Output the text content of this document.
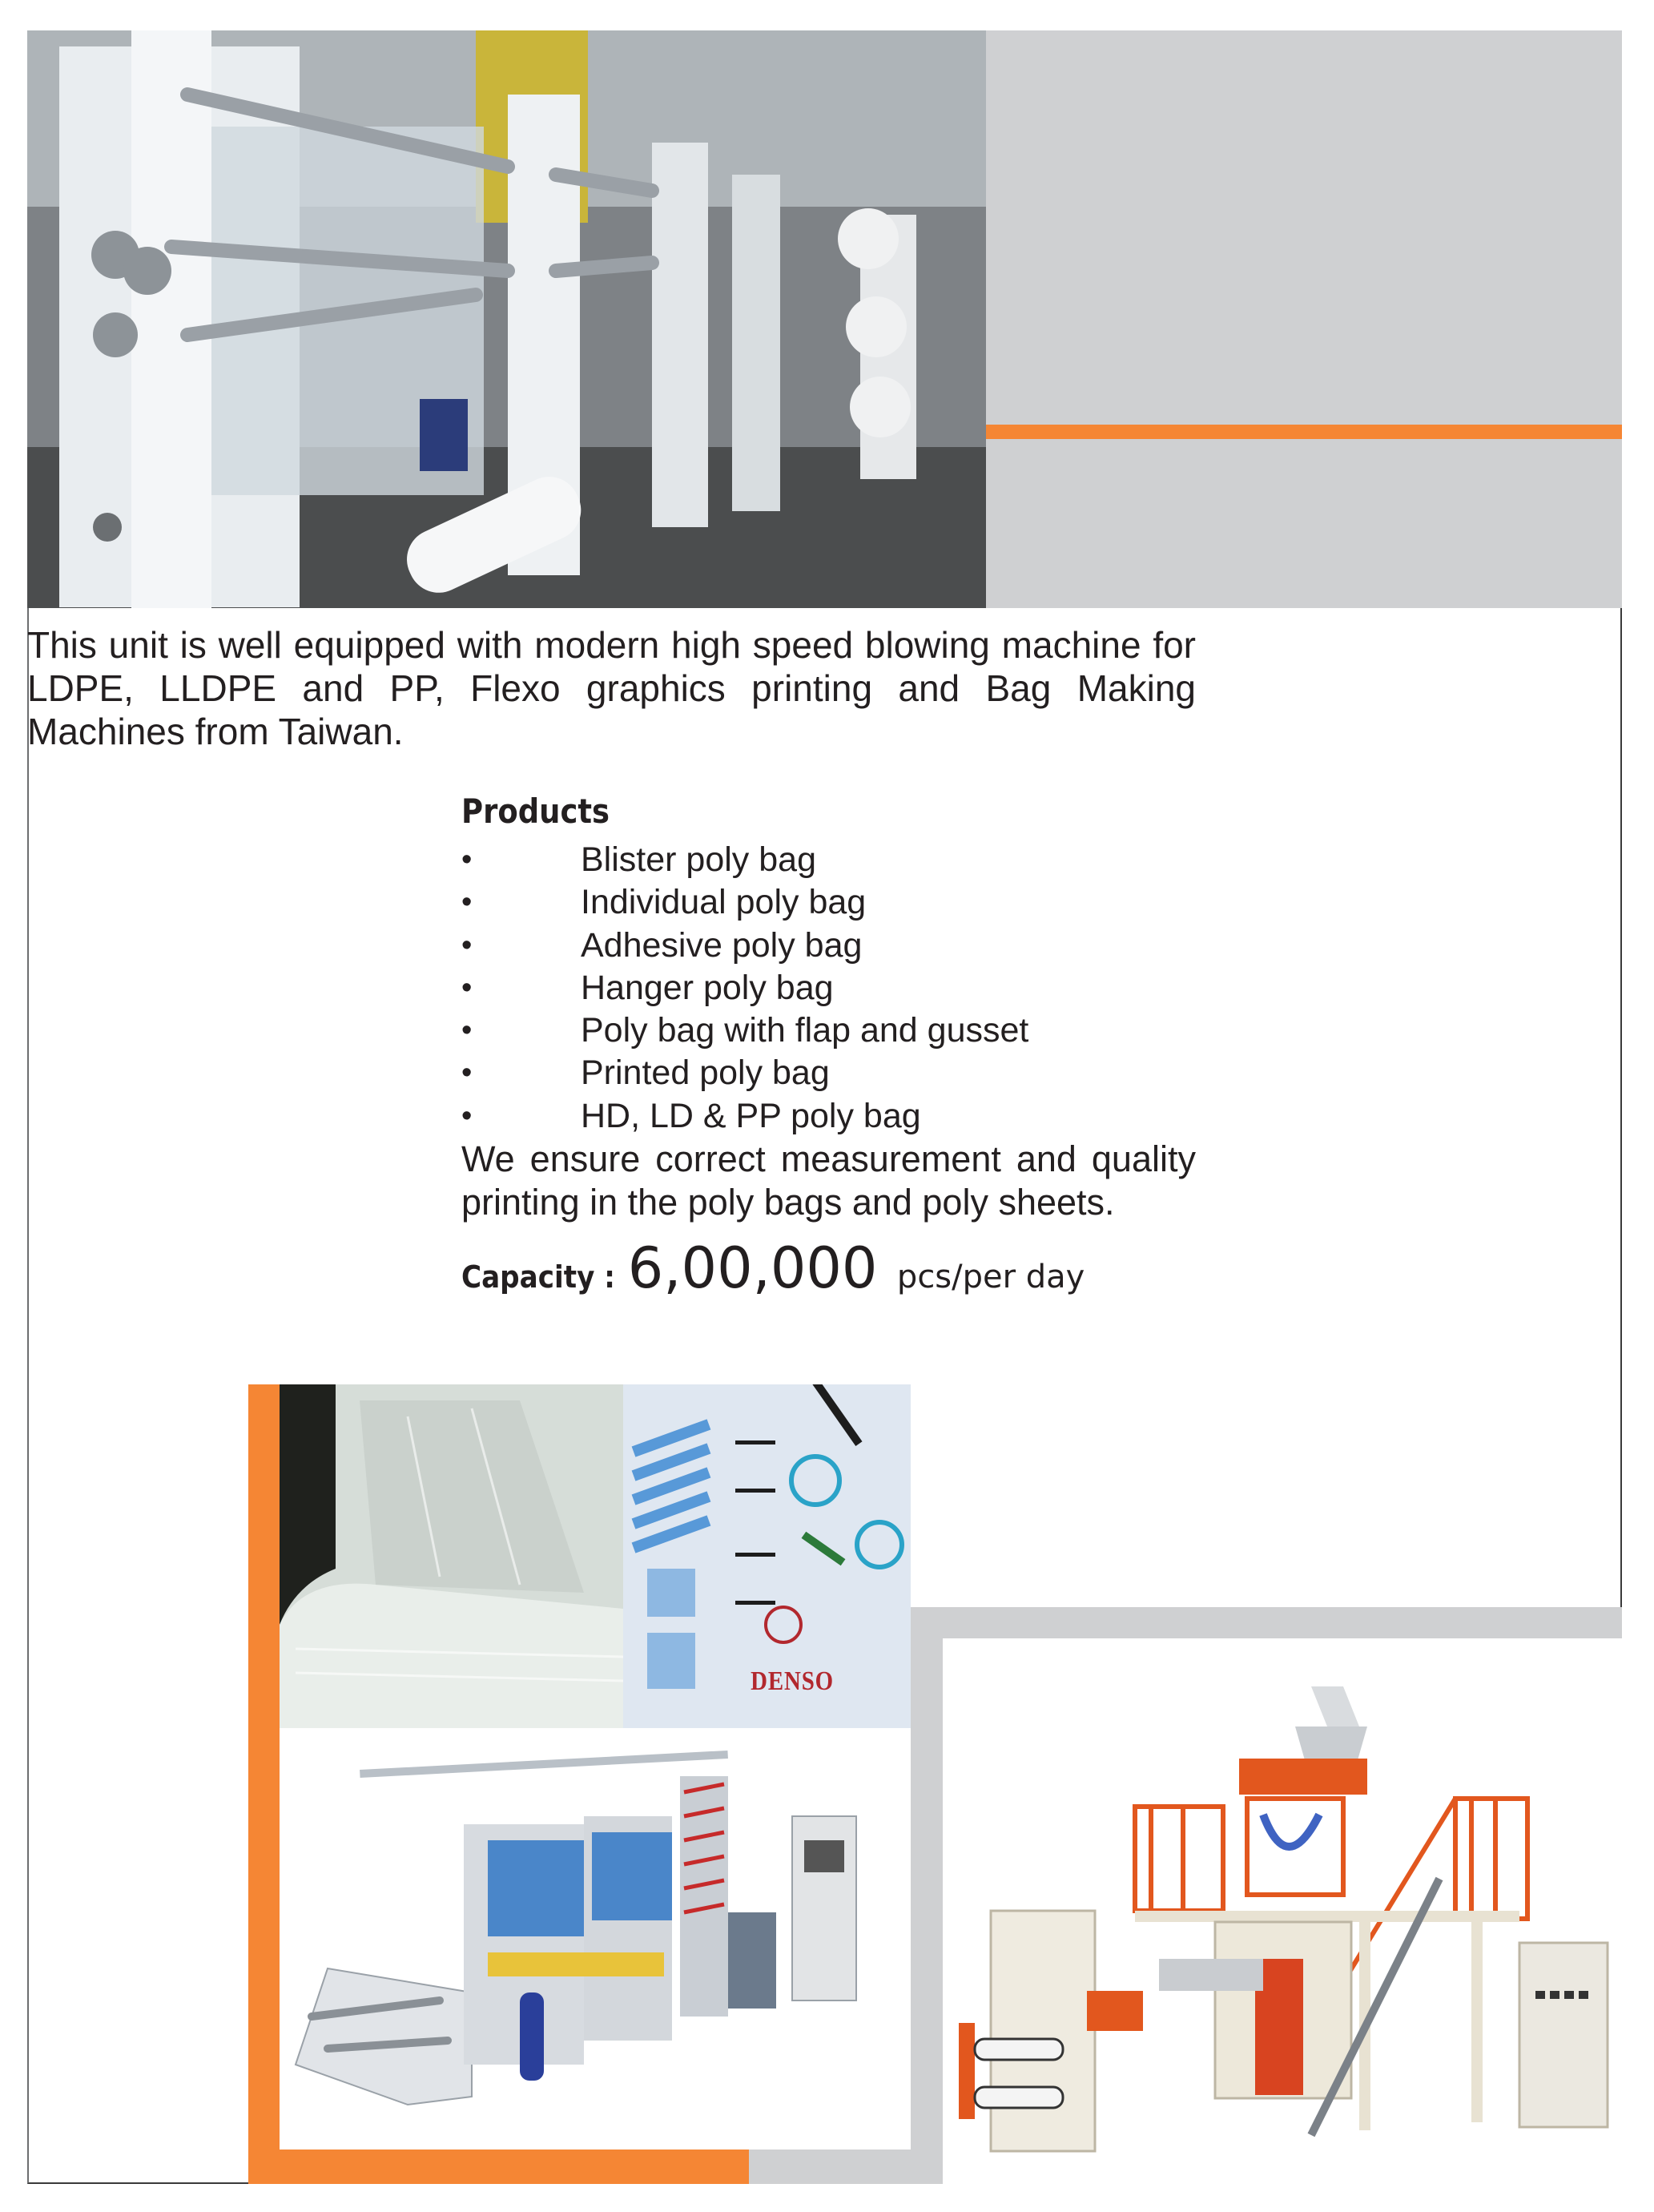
This unit is well equipped with modern high speed blowing machine for LDPE, LLDPE and PP, Flexo graphics printing and Bag Making Machines from Taiwan.
Products
•	Blister poly bag
•	Individual poly bag
•	Adhesive poly bag
•	Hanger poly bag
•	Poly bag with flap and gusset
•	Printed poly bag
•	HD, LD & PP poly bag
We ensure correct measurement and quality printing in the poly bags and poly sheets.
Capacity : 6,00,000 pcs/per day
DENSO
